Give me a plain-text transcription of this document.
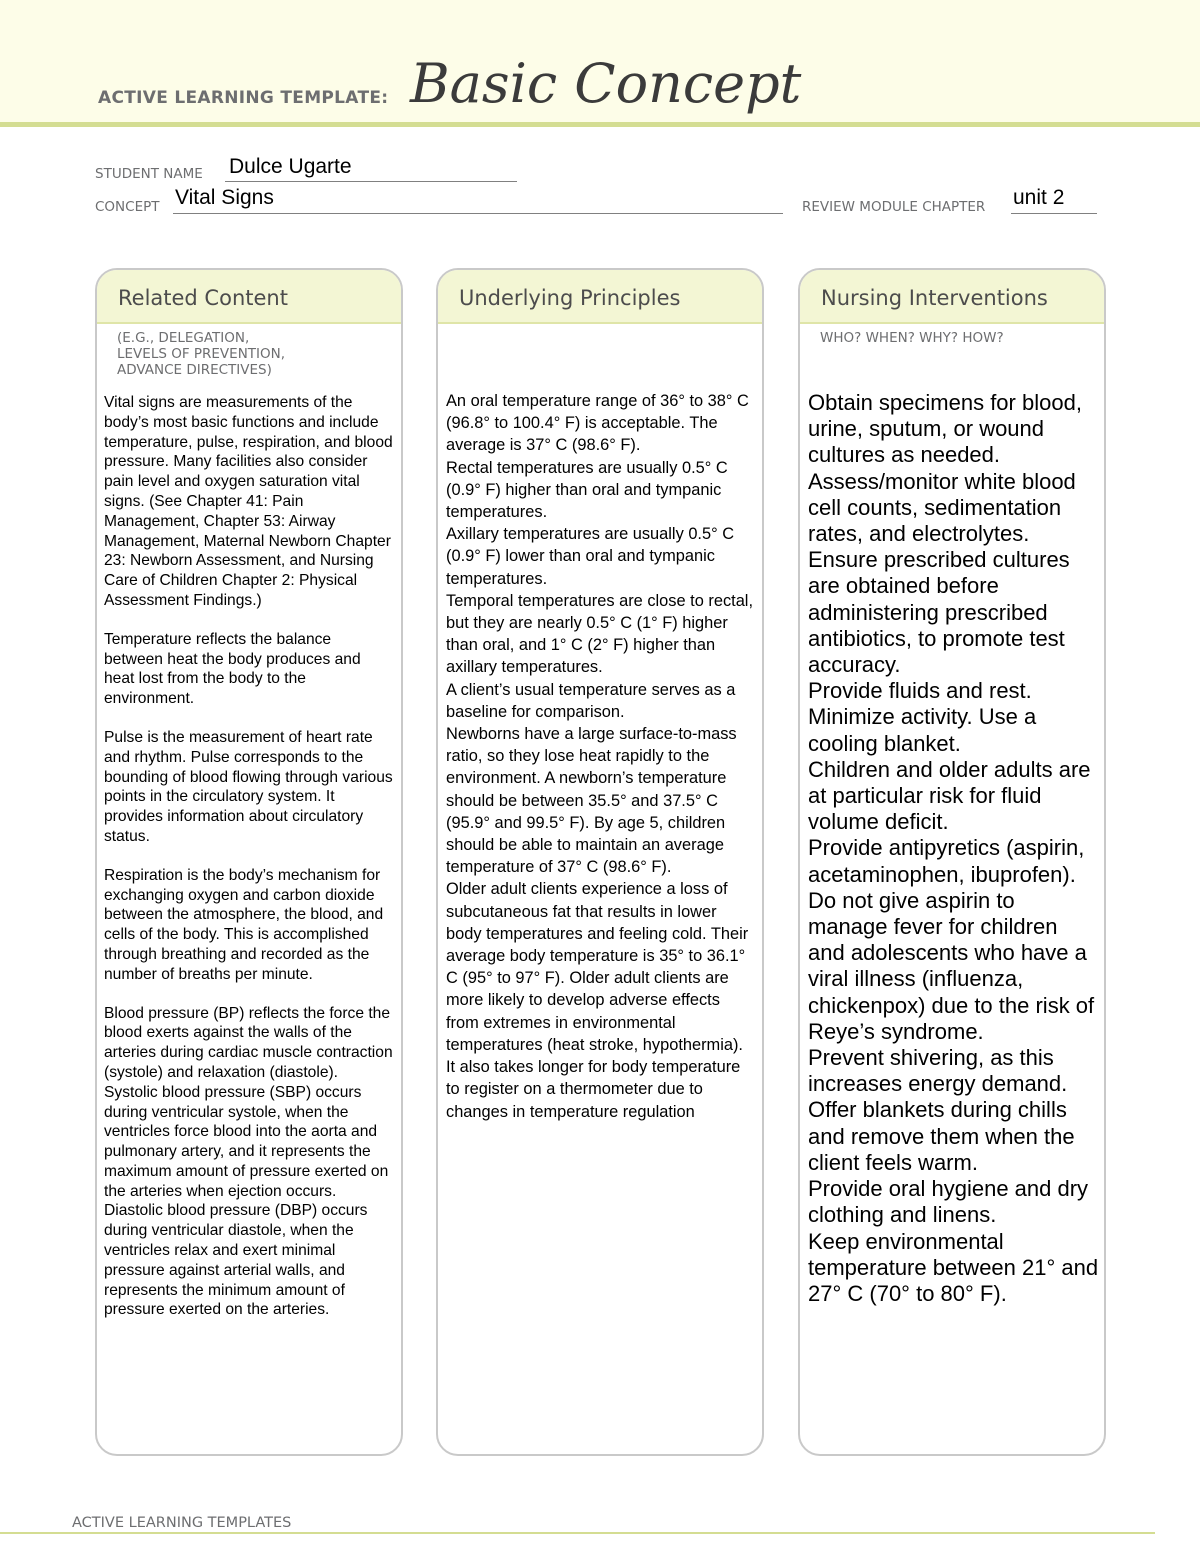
ACTIVE LEARNING TEMPLATE: Basic Concept
STUDENT NAME Dulce Ugarte
CONCEPT Vital Signs	REVIEW MODULE CHAPTER unit 2
Related Content
(E.G., DELEGATION,
LEVELS OF PREVENTION,
ADVANCE DIRECTIVES)

Vital signs are measurements of the body’s most basic functions and include temperature, pulse, respiration, and blood pressure. Many facilities also consider pain level and oxygen saturation vital signs. (See Chapter 41: Pain Management, Chapter 53: Airway Management, Maternal Newborn Chapter 23: Newborn Assessment, and Nursing Care of Children Chapter 2: Physical Assessment Findings.)

Temperature reflects the balance between heat the body produces and heat lost from the body to the environment.

Pulse is the measurement of heart rate and rhythm. Pulse corresponds to the bounding of blood flowing through various points in the circulatory system. It provides information about circulatory status.

Respiration is the body’s mechanism for exchanging oxygen and carbon dioxide between the atmosphere, the blood, and cells of the body. This is accomplished through breathing and recorded as the number of breaths per minute.

Blood pressure (BP) reflects the force the blood exerts against the walls of the arteries during cardiac muscle contraction (systole) and relaxation (diastole). Systolic blood pressure (SBP) occurs during ventricular systole, when the ventricles force blood into the aorta and pulmonary artery, and it represents the maximum amount of pressure exerted on the arteries when ejection occurs. Diastolic blood pressure (DBP) occurs during ventricular diastole, when the ventricles relax and exert minimal pressure against arterial walls, and represents the minimum amount of pressure exerted on the arteries.

Underlying Principles
An oral temperature range of 36° to 38° C (96.8° to 100.4° F) is acceptable. The average is 37° C (98.6° F).
Rectal temperatures are usually 0.5° C (0.9° F) higher than oral and tympanic temperatures.
Axillary temperatures are usually 0.5° C (0.9° F) lower than oral and tympanic temperatures.
Temporal temperatures are close to rectal, but they are nearly 0.5° C (1° F) higher than oral, and 1° C (2° F) higher than axillary temperatures.
A client’s usual temperature serves as a baseline for comparison.
Newborns have a large surface-to-mass ratio, so they lose heat rapidly to the environment. A newborn’s temperature should be between 35.5° and 37.5° C (95.9° and 99.5° F). By age 5, children should be able to maintain an average temperature of 37° C (98.6° F).
Older adult clients experience a loss of subcutaneous fat that results in lower body temperatures and feeling cold. Their average body temperature is 35° to 36.1° C (95° to 97° F). Older adult clients are more likely to develop adverse effects from extremes in environmental temperatures (heat stroke, hypothermia). It also takes longer for body temperature to register on a thermometer due to changes in temperature regulation
Nursing Interventions
WHO? WHEN? WHY? HOW?
Obtain specimens for blood, urine, sputum, or wound cultures as needed.
Assess/monitor white blood cell counts, sedimentation rates, and electrolytes.
Ensure prescribed cultures are obtained before administering prescribed antibiotics, to promote test accuracy.
Provide fluids and rest.
Minimize activity. Use a cooling blanket.
Children and older adults are at particular risk for fluid volume deficit.
Provide antipyretics (aspirin, acetaminophen, ibuprofen). Do not give aspirin to manage fever for children and adolescents who have a viral illness (influenza, chickenpox) due to the risk of Reye’s syndrome.
Prevent shivering, as this increases energy demand.
Offer blankets during chills and remove them when the client feels warm.
Provide oral hygiene and dry clothing and linens.
Keep environmental temperature between 21° and 27° C (70° to 80° F).
ACTIVE LEARNING TEMPLATES
